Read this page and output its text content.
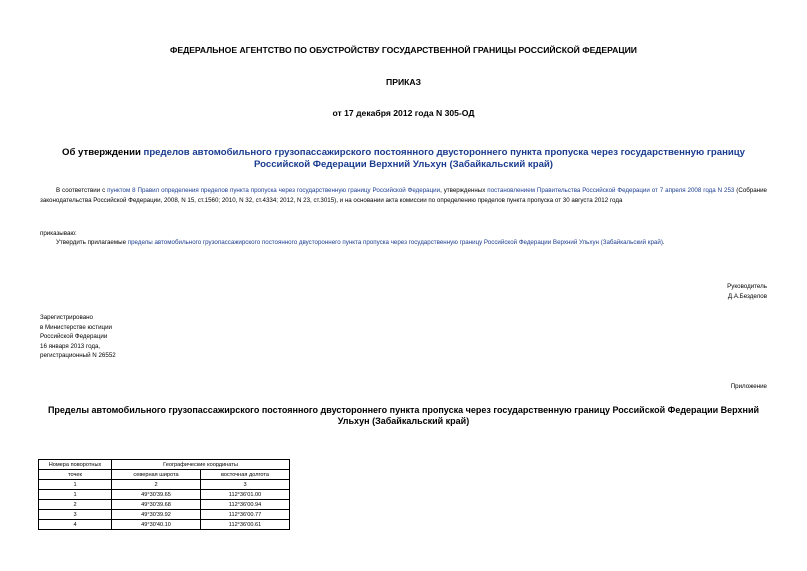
ФЕДЕРАЛЬНОЕ АГЕНТСТВО ПО ОБУСТРОЙСТВУ ГОСУДАРСТВЕННОЙ ГРАНИЦЫ РОССИЙСКОЙ ФЕДЕРАЦИИ
ПРИКАЗ
от 17 декабря 2012 года N 305-ОД
Об утверждении пределов автомобильного грузопассажирского постоянного двустороннего пункта пропуска через государственную границу Российской Федерации Верхний Ульхун (Забайкальский край)
В соответствии с пунктом 8 Правил определения пределов пункта пропуска через государственную границу Российской Федерации, утвержденных постановлением Правительства Российской Федерации от 7 апреля 2008 года N 253 (Собрание законодательства Российской Федерации, 2008, N 15, ст.1560; 2010, N 32, ст.4334; 2012, N 23, ст.3015), и на основании акта комиссии по определению пределов пункта пропуска от 30 августа 2012 года
приказываю:
Утвердить прилагаемые пределы автомобильного грузопассажирского постоянного двустороннего пункта пропуска через государственную границу Российской Федерации Верхний Ульхун (Забайкальский край).
Руководитель
Д.А.Безделов
Зарегистрировано
в Министерстве юстиции
Российской Федерации
16 января 2013 года,
регистрационный N 26552
Приложение
Пределы автомобильного грузопассажирского постоянного двустороннего пункта пропуска через государственную границу Российской Федерации Верхний Ульхун (Забайкальский край)
Номера поворотных	Географические координаты	
точек	северная широта	восточная долгота
1	2	3
1	49°30'39.65	112°36'01.00
2	49°30'39.68	112°36'00.94
3	49°30'39.92	112°36'00.77
4	49°30'40.10	112°36'00.61
